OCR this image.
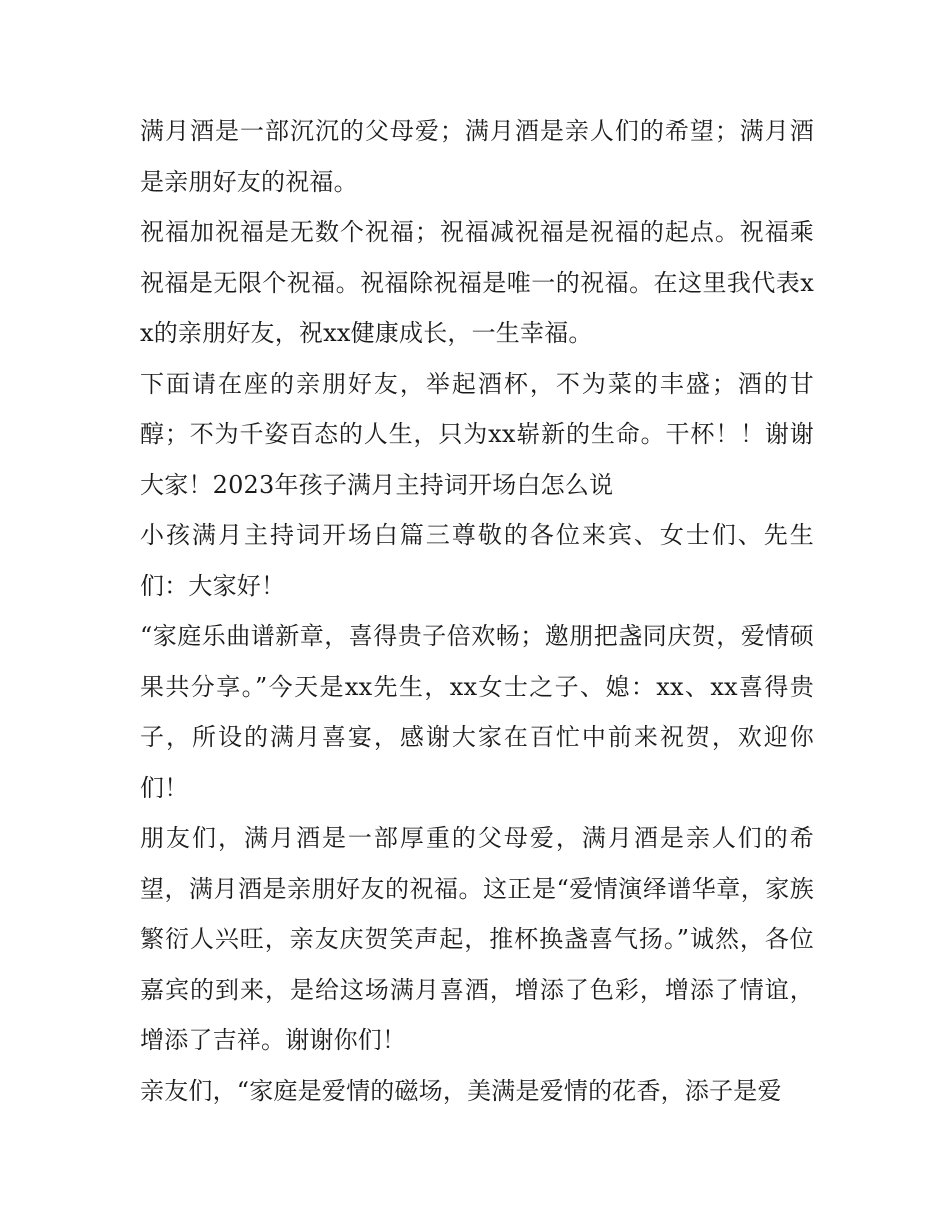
满月酒是一部沉沉的父母爱；满月酒是亲人们的希望；满月酒是亲朋好友的祝福。

祝福加祝福是无数个祝福；祝福减祝福是祝福的起点。祝福乘祝福是无限个祝福。祝福除祝福是唯一的祝福。在这里我代表xx的亲朋好友，祝xx健康成长，一生幸福。

下面请在座的亲朋好友，举起酒杯，不为菜的丰盛；酒的甘醇；不为千姿百态的人生，只为xx崭新的生命。干杯！！谢谢大家！2023年孩子满月主持词开场白怎么说

小孩满月主持词开场白篇三尊敬的各位来宾、女士们、先生们：大家好！

“家庭乐曲谱新章，喜得贵子倍欢畅；邀朋把盏同庆贺，爱情硕果共分享。”今天是xx先生，xx女士之子、媳：xx、xx喜得贵子，所设的满月喜宴，感谢大家在百忙中前来祝贺，欢迎你们！

朋友们，满月酒是一部厚重的父母爱，满月酒是亲人们的希望，满月酒是亲朋好友的祝福。这正是“爱情演绎谱华章，家族繁衍人兴旺，亲友庆贺笑声起，推杯换盏喜气扬。”诚然，各位嘉宾的到来，是给这场满月喜酒，增添了色彩，增添了情谊，增添了吉祥。谢谢你们！

亲友们，“家庭是爱情的磁场，美满是爱情的花香，添子是爱
